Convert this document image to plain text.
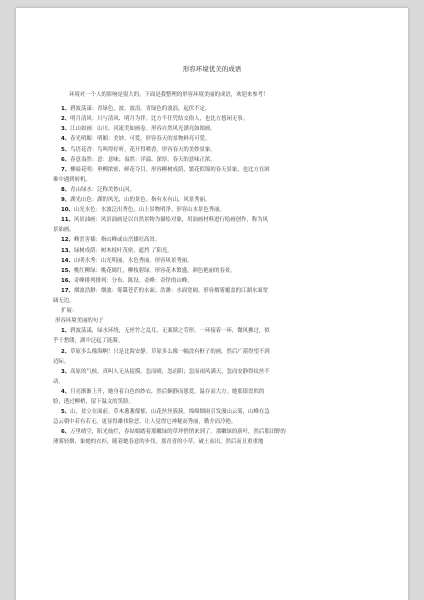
形容环境优美的成语
环境对一个人的影响是很大的。下面是我整理的形容环境美丽的成语，欢迎来参考！
1、碧波荡漾：青绿色，波，波浪。青绿色的波浪，起伏不定。
2、明月清风：只与清风、明月为伴。比方不任凭结交俗人，也比方悠闲无事。
3、江山如画：山川、河流美如画卷。形容自然风光漂亮如图画。
4、春光明媚：明媚：美妙、可爱。形容春天的景物鲜亮可爱。
5、鸟语花香：鸟叫得好听，花开得喷香。形容春天的美妙景象。
6、春意盎然：意：意味；盎然：洋溢、深厚。春天的意味正浓。
7、柳暗花明：垂柳浓密，鲜花夺目。形容柳树成荫，繁花似锦的春天景象，也比方在困
难中遇到转机。
8、青山绿水：泛称美妙山河。
9、湖光山色：湖的风光，山的景色。指有水有山，风景秀丽。
10、山光水色：水波泛出秀色，山上景物明净。形容山水景色秀丽。
11、风景油画：风景油画是以自然景物为描绘对象，用油画材料进行绘画创作，称为风
景油画。
12、峰峦害插：指山峰或山峦雄壮高耸。
13、绿树成荫：树木枝叶茂密，遮挡 了阳光。
14、山明水秀：山光明丽，水色秀丽。形容风景秀丽。
15、桃红柳绿：桃花嫣红，柳枝碧绿。形容花木繁盛，颜色艳丽的春景。
16、奇峰排列排列：分布，陈设。奇峰：奇怪的山峰。
17、烟波浩渺：烟波：雾霭苍茫的水面；浩渺：水面宽阔。形容烟雾覆盖的江湖水面宽
阔无边。
扩展：
形容环境美丽的句子
1、碧波荡漾，绿水环绕，无丝竹之乱耳，无案牍之劳形。一环接着一环，微风拂过，似
乎千愁缕，湖中泛起了涟漪。
2、草原多么像海啊！只是比海安静。草原多么像一幅没有框子的画，然后广漠得望不到
边际。
3、高原的气候，真叫人无从捉摸。忽而晴，忽而阴；忽而雨风满天，忽而安静得纹丝不
动。
4、月亮渐渐上升，她身着白色的纱衣，然后娴静而恩爱，温存而大方。她那银盘似的
脸，透过柳梢，留下温文的笑脸。
5、山，贫立在面前。草木葱葱郁郁，山花丝丝簇簇。绵绵烟雨引发漫山云雾，山峰在急
急云朝中若有若无，更显得雄伟险恶，让人觉得它神秘而秀丽，勤介而冷艳。
6、万里晴空，阳光灿烂，春姑娘踏着那嫩绿的草坪悄悄来到了。那嫩绿的新叶，然后那田野的
薄雾轻烟，象她的衣衫，随着她春意的步伐，那青青的小草，破土而出，然后而且重重地
